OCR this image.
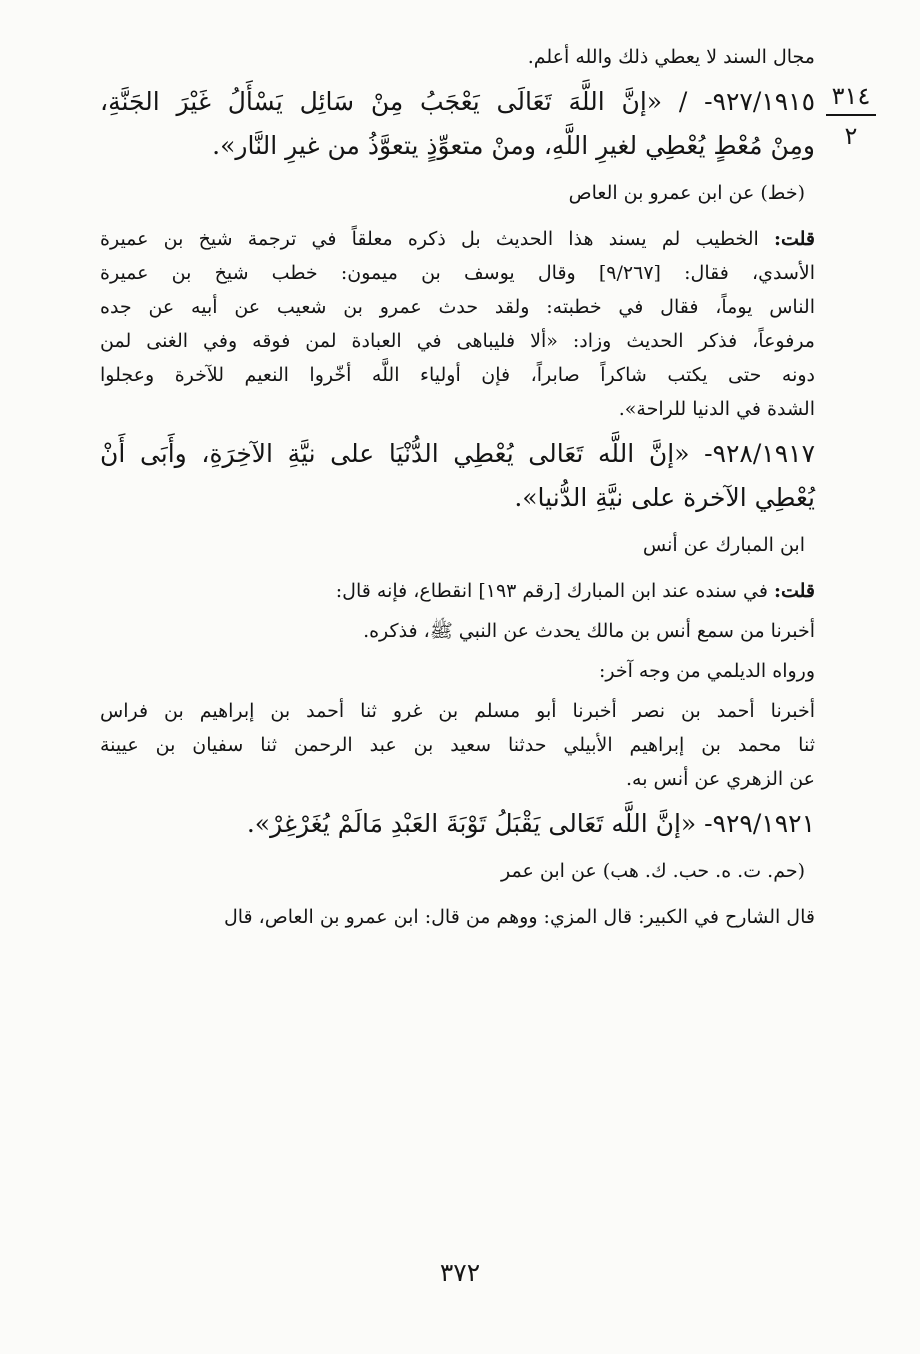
٣١٤
٢

مجال السند لا يعطي ذلك والله أعلم.

٩٢٧/١٩١٥- / «إنَّ اللَّهَ تَعَالَى يَعْجَبُ مِنْ سَائِل يَسْأَلُ غَيْرَ الجَنَّةِ،
ومِنْ مُعْطٍ يُعْطِي لغيرِ اللَّهِ، ومنْ متعوِّذٍ يتعوَّذُ من غيرِ النَّار».

(خط) عن ابن عمرو بن العاص

قلت: الخطيب لم يسند هذا الحديث بل ذكره معلقاً في ترجمة شيخ بن عميرة
الأسدي، فقال: [٩/٢٦٧] وقال يوسف بن ميمون: خطب شيخ بن عميرة
الناس يوماً، فقال في خطبته: ولقد حدث عمرو بن شعيب عن أبيه عن جده
مرفوعاً، فذكر الحديث وزاد: «ألا فليباهى في العبادة لمن فوقه وفي الغنى لمن
دونه حتى يكتب شاكراً صابراً، فإن أولياء اللَّه أخّروا النعيم للآخرة وعجلوا
الشدة في الدنيا للراحة».

٩٢٨/١٩١٧- «إنَّ اللَّه تَعَالى يُعْطِي الدُّنْيَا على نيَّةِ الآخِرَةِ، وأَبَى أَنْ
يُعْطِي الآخرة على نيَّةِ الدُّنيا».

ابن المبارك عن أنس

قلت: في سنده عند ابن المبارك [رقم ١٩٣] انقطاع، فإنه قال:

أخبرنا من سمع أنس بن مالك يحدث عن النبي ﷺ، فذكره.

ورواه الديلمي من وجه آخر:

أخبرنا أحمد بن نصر أخبرنا أبو مسلم بن غرو ثنا أحمد بن إبراهيم بن فراس
ثنا محمد بن إبراهيم الأبيلي حدثنا سعيد بن عبد الرحمن ثنا سفيان بن عيينة
عن الزهري عن أنس به.

٩٢٩/١٩٢١- «إنَّ اللَّه تَعَالى يَقْبَلُ تَوْبَةَ العَبْدِ مَالَمْ يُغَرْغِرْ».

(حم. ت. ه. حب. ك. هب) عن ابن عمر

قال الشارح في الكبير: قال المزي: ووهم من قال: ابن عمرو بن العاص، قال

٣٧٢
